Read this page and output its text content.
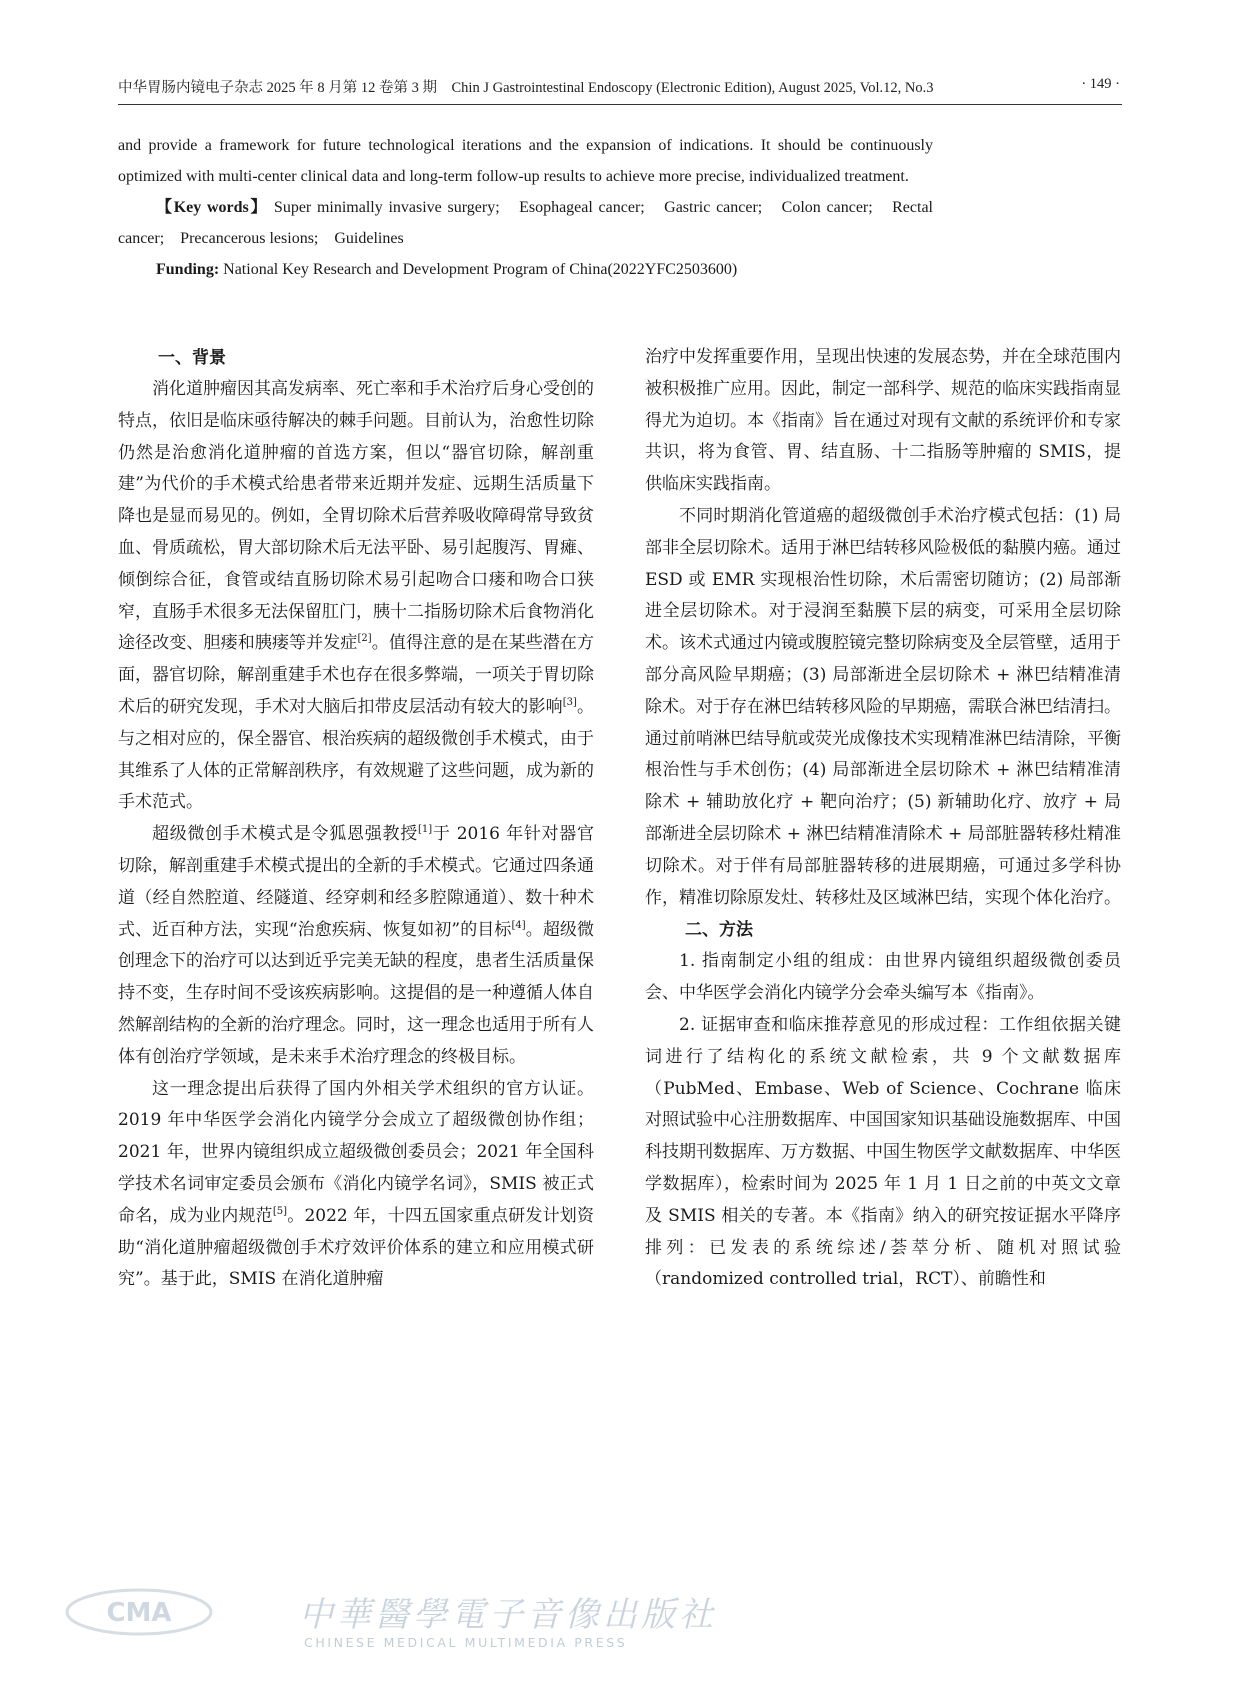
中华胃肠内镜电子杂志 2025 年 8 月第 12 卷第 3 期　Chin J Gastrointestinal Endoscopy (Electronic Edition), August 2025, Vol.12, No.3	· 149 ·

and provide a framework for future technological iterations and the expansion of indications. It should be continuously optimized with multi-center clinical data and long-term follow-up results to achieve more precise, individualized treatment.

【Key words】 Super minimally invasive surgery;　Esophageal cancer;　Gastric cancer;　Colon cancer;　Rectal cancer;　Precancerous lesions;　Guidelines

Funding: National Key Research and Development Program of China(2022YFC2503600)

一、背景

消化道肿瘤因其高发病率、死亡率和手术治疗后身心受创的特点，依旧是临床亟待解决的棘手问题。目前认为，治愈性切除仍然是治愈消化道肿瘤的首选方案，但以“器官切除，解剖重建”为代价的手术模式给患者带来近期并发症、远期生活质量下降也是显而易见的。例如，全胃切除术后营养吸收障碍常导致贫血、骨质疏松，胃大部切除术后无法平卧、易引起腹泻、胃瘫、倾倒综合征，食管或结直肠切除术易引起吻合口瘘和吻合口狭窄，直肠手术很多无法保留肛门，胰十二指肠切除术后食物消化途径改变、胆瘘和胰瘘等并发症[2]。值得注意的是在某些潜在方面，器官切除，解剖重建手术也存在很多弊端，一项关于胃切除术后的研究发现，手术对大脑后扣带皮层活动有较大的影响[3]。与之相对应的，保全器官、根治疾病的超级微创手术模式，由于其维系了人体的正常解剖秩序，有效规避了这些问题，成为新的手术范式。

超级微创手术模式是令狐恩强教授[1]于 2016 年针对器官切除，解剖重建手术模式提出的全新的手术模式。它通过四条通道（经自然腔道、经隧道、经穿刺和经多腔隙通道）、数十种术式、近百种方法，实现“治愈疾病、恢复如初”的目标[4]。超级微创理念下的治疗可以达到近乎完美无缺的程度，患者生活质量保持不变，生存时间不受该疾病影响。这提倡的是一种遵循人体自然解剖结构的全新的治疗理念。同时，这一理念也适用于所有人体有创治疗学领域，是未来手术治疗理念的终极目标。

这一理念提出后获得了国内外相关学术组织的官方认证。2019 年中华医学会消化内镜学分会成立了超级微创协作组；2021 年，世界内镜组织成立超级微创委员会；2021 年全国科学技术名词审定委员会颁布《消化内镜学名词》，SMIS 被正式命名，成为业内规范[5]。2022 年，十四五国家重点研发计划资助“消化道肿瘤超级微创手术疗效评价体系的建立和应用模式研究”。基于此，SMIS 在消化道肿瘤

治疗中发挥重要作用，呈现出快速的发展态势，并在全球范围内被积极推广应用。因此，制定一部科学、规范的临床实践指南显得尤为迫切。本《指南》旨在通过对现有文献的系统评价和专家共识，将为食管、胃、结直肠、十二指肠等肿瘤的 SMIS，提供临床实践指南。

不同时期消化管道癌的超级微创手术治疗模式包括：(1) 局部非全层切除术。适用于淋巴结转移风险极低的黏膜内癌。通过 ESD 或 EMR 实现根治性切除，术后需密切随访；(2) 局部渐进全层切除术。对于浸润至黏膜下层的病变，可采用全层切除术。该术式通过内镜或腹腔镜完整切除病变及全层管壁，适用于部分高风险早期癌；(3) 局部渐进全层切除术 + 淋巴结精准清除术。对于存在淋巴结转移风险的早期癌，需联合淋巴结清扫。通过前哨淋巴结导航或荧光成像技术实现精准淋巴结清除，平衡根治性与手术创伤；(4) 局部渐进全层切除术 + 淋巴结精准清除术 + 辅助放化疗 + 靶向治疗；(5) 新辅助化疗、放疗 + 局部渐进全层切除术 + 淋巴结精准清除术 + 局部脏器转移灶精准切除术。对于伴有局部脏器转移的进展期癌，可通过多学科协作，精准切除原发灶、转移灶及区域淋巴结，实现个体化治疗。

二、方法

1. 指南制定小组的组成：由世界内镜组织超级微创委员会、中华医学会消化内镜学分会牵头编写本《指南》。

2. 证据审查和临床推荐意见的形成过程：工作组依据关键词进行了结构化的系统文献检索，共 9 个文献数据库（PubMed、Embase、Web of Science、Cochrane 临床对照试验中心注册数据库、中国国家知识基础设施数据库、中国科技期刊数据库、万方数据、中国生物医学文献数据库、中华医学数据库），检索时间为 2025 年 1 月 1 日之前的中英文文章及 SMIS 相关的专著。本《指南》纳入的研究按证据水平降序排列：已发表的系统综述/荟萃分析、随机对照试验（randomized controlled trial，RCT）、前瞻性和

CMA	中華醫學電子音像出版社
CHINESE MEDICAL MULTIMEDIA PRESS
